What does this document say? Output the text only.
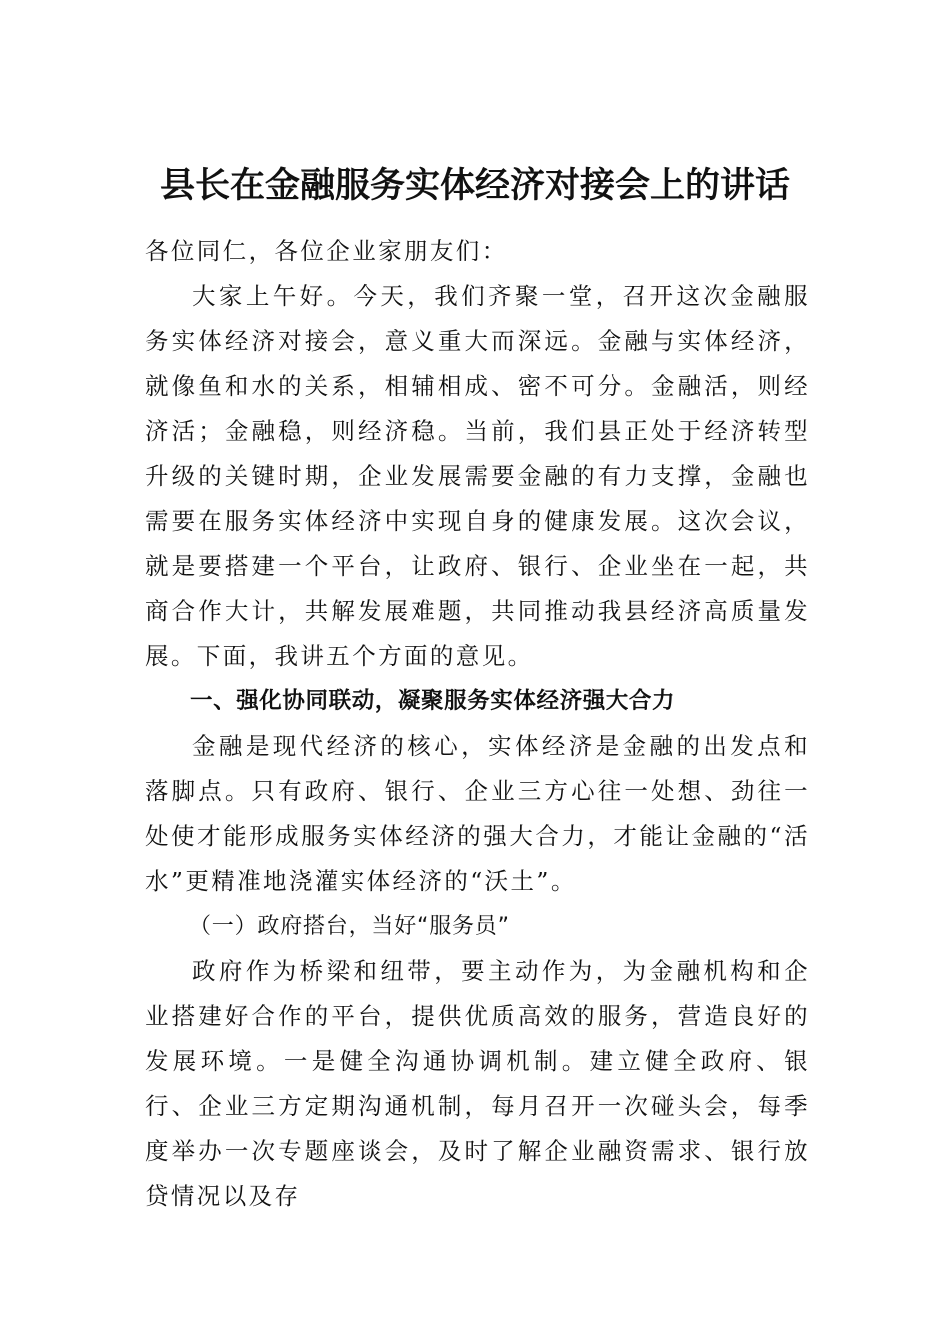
县长在金融服务实体经济对接会上的讲话

各位同仁，各位企业家朋友们：

大家上午好。今天，我们齐聚一堂，召开这次金融服务实体经济对接会，意义重大而深远。金融与实体经济，就像鱼和水的关系，相辅相成、密不可分。金融活，则经济活；金融稳，则经济稳。当前，我们县正处于经济转型升级的关键时期，企业发展需要金融的有力支撑，金融也需要在服务实体经济中实现自身的健康发展。这次会议，就是要搭建一个平台，让政府、银行、企业坐在一起，共商合作大计，共解发展难题，共同推动我县经济高质量发展。下面，我讲五个方面的意见。

一、强化协同联动，凝聚服务实体经济强大合力

金融是现代经济的核心，实体经济是金融的出发点和落脚点。只有政府、银行、企业三方心往一处想、劲往一处使才能形成服务实体经济的强大合力，才能让金融的“活水”更精准地浇灌实体经济的“沃土”。

（一）政府搭台，当好“服务员”

政府作为桥梁和纽带，要主动作为，为金融机构和企业搭建好合作的平台，提供优质高效的服务，营造良好的发展环境。一是健全沟通协调机制。建立健全政府、银行、企业三方定期沟通机制，每月召开一次碰头会，每季度举办一次专题座谈会，及时了解企业融资需求、银行放贷情况以及存
